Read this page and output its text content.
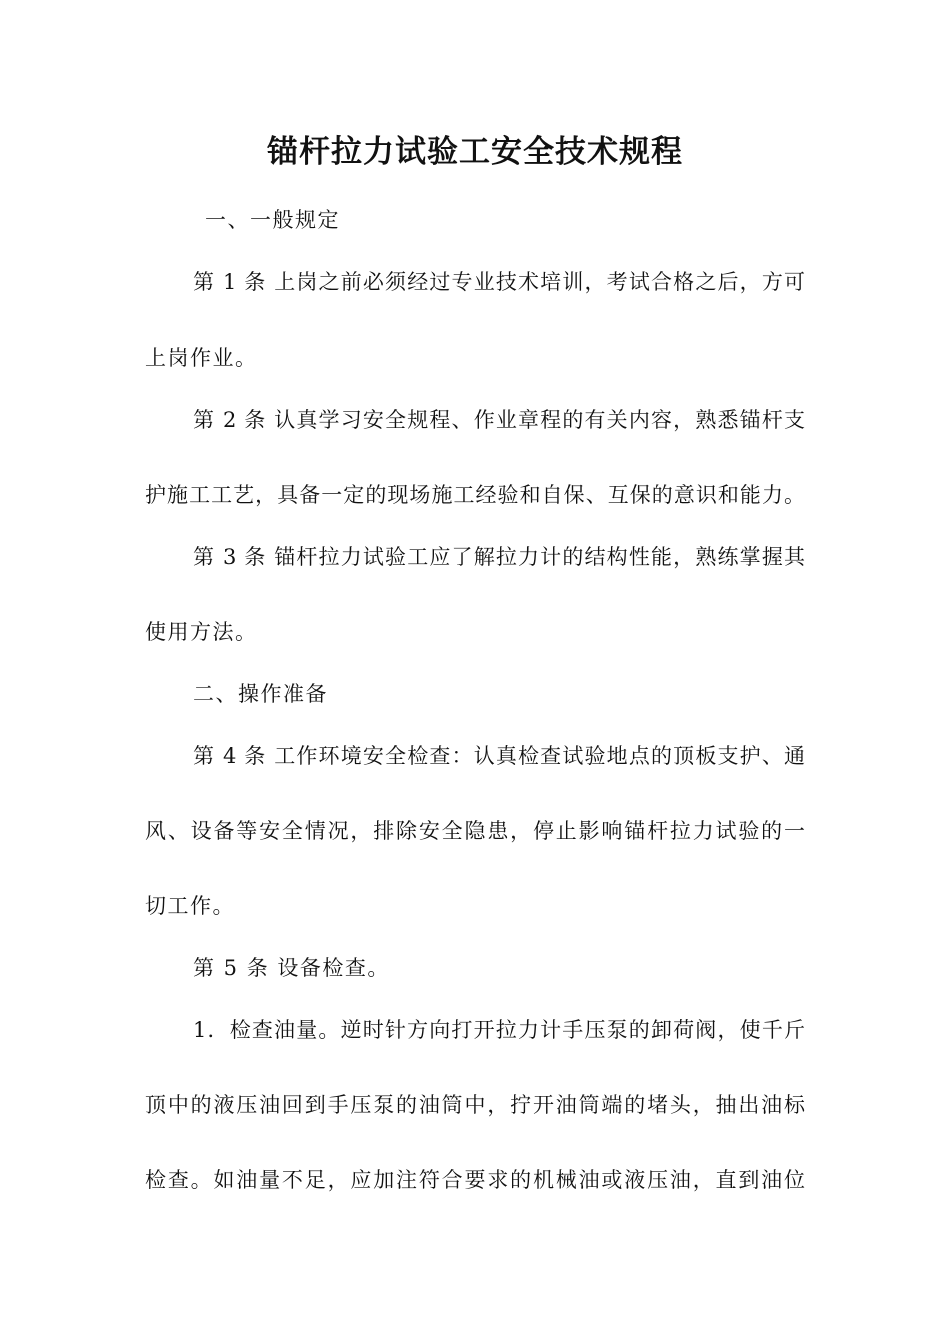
锚杆拉力试验工安全技术规程
一、一般规定
第 1 条 上岗之前必须经过专业技术培训，考试合格之后，方可
上岗作业。
第 2 条 认真学习安全规程、作业章程的有关内容，熟悉锚杆支
护施工工艺，具备一定的现场施工经验和自保、互保的意识和能力。
第 3 条 锚杆拉力试验工应了解拉力计的结构性能，熟练掌握其
使用方法。
二、操作准备
第 4 条 工作环境安全检查：认真检查试验地点的顶板支护、通
风、设备等安全情况，排除安全隐患，停止影响锚杆拉力试验的一
切工作。
第 5 条 设备检查。
1．检查油量。逆时针方向打开拉力计手压泵的卸荷阀，使千斤
顶中的液压油回到手压泵的油筒中，拧开油筒端的堵头，抽出油标
检查。如油量不足，应加注符合要求的机械油或液压油，直到油位
